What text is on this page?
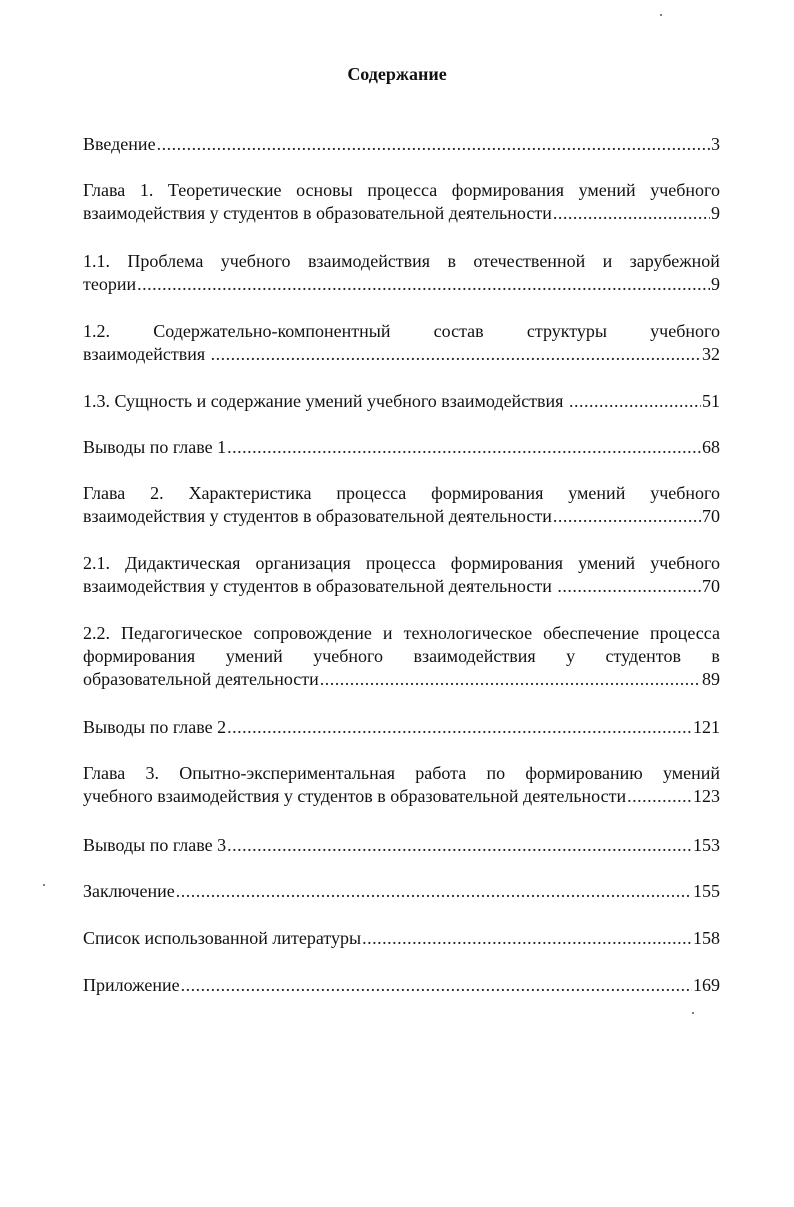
Содержание
Введение .....	3
Глава 1. Теоретические основы процесса формирования умений учебного
взаимодействия у студентов в образовательной деятельности .....	9
1.1. Проблема учебного взаимодействия в отечественной и зарубежной
теории .....	9
1.2. Содержательно-компонентный состав структуры учебного
взаимодействия .....	32
1.3. Сущность и содержание умений учебного взаимодействия .....	51
Выводы по главе 1 .....	68
Глава 2. Характеристика процесса формирования умений учебного
взаимодействия у студентов в образовательной деятельности .....	70
2.1. Дидактическая организация процесса формирования умений учебного
взаимодействия у студентов в образовательной деятельности .....	70
2.2. Педагогическое сопровождение и технологическое обеспечение процесса
формирования умений учебного взаимодействия у студентов в
образовательной деятельности .....	89
Выводы по главе 2 .....	121
Глава 3. Опытно-экспериментальная работа по формированию умений
учебного взаимодействия у студентов в образовательной деятельности .....	123
Выводы по главе 3 .....	153
Заключение .....	155
Список использованной литературы .....	158
Приложение .....	169
